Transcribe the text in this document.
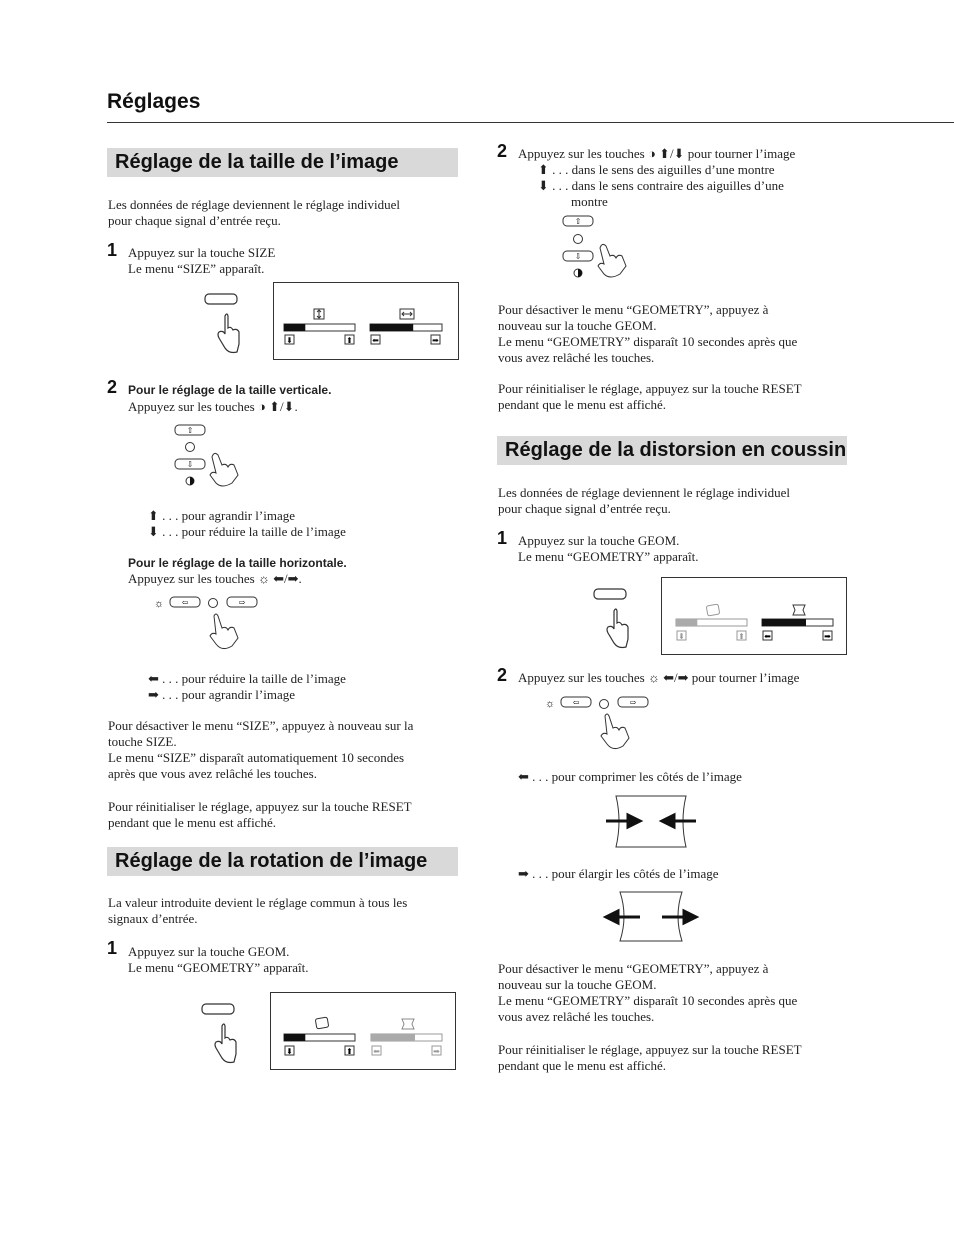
Réglages
Réglage de la taille de l’image
Les données de réglage deviennent le réglage individuel
pour chaque signal d’entrée reçu.
1 Appuyez sur la touche SIZE
Le menu “SIZE” apparaît.
⬇	⬆ ⬅	➡
2 Pour le réglage de la taille verticale.
Appuyez sur les touches ◑ ⬆/⬇.
⇧
⇩
⬆ . . . pour agrandir l’image
⬇ . . . pour réduire la taille de l’image
Pour le réglage de la taille horizontale.
Appuyez sur les touches ☼ ⬅/➡.
☼ ⇦	⇨
⬅ . . . pour réduire la taille de l’image
➡ . . . pour agrandir l’image
Pour désactiver le menu “SIZE”, appuyez à nouveau sur la
touche SIZE.
Le menu “SIZE” disparaît automatiquement 10 secondes
après que vous avez relâché les touches.
Pour réinitialiser le réglage, appuyez sur la touche RESET
pendant que le menu est affiché.
Réglage de la rotation de l’image
La valeur introduite devient le réglage commun à tous les
signaux d’entrée.
1 Appuyez sur la touche GEOM.
Le menu “GEOMETRY” apparaît.
⬇	⬆	⬅	➡
2 Appuyez sur les touches ◑ ⬆/⬇ pour tourner l’image
⬆ . . . dans le sens des aiguilles d’une montre
⬇ . . . dans le sens contraire des aiguilles d’une
montre
⇧
⇩
Pour désactiver le menu “GEOMETRY”, appuyez à
nouveau sur la touche GEOM.
Le menu “GEOMETRY” disparaît 10 secondes après que
vous avez relâché les touches.
Pour réinitialiser le réglage, appuyez sur la touche RESET
pendant que le menu est affiché.
Réglage de la distorsion en coussin
Les données de réglage deviennent le réglage individuel
pour chaque signal d’entrée reçu.
1 Appuyez sur la touche GEOM.
Le menu “GEOMETRY” apparaît.
⬇	⬆ ⬅	➡
2 Appuyez sur les touches ☼ ⬅/➡ pour tourner l’image
☼ ⇦	⇨
⬅ . . . pour comprimer les côtés de l’image
➡ . . . pour élargir les côtés de l’image
Pour désactiver le menu “GEOMETRY”, appuyez à
nouveau sur la touche GEOM.
Le menu “GEOMETRY” disparaît 10 secondes après que
vous avez relâché les touches.
Pour réinitialiser le réglage, appuyez sur la touche RESET
pendant que le menu est affiché.
